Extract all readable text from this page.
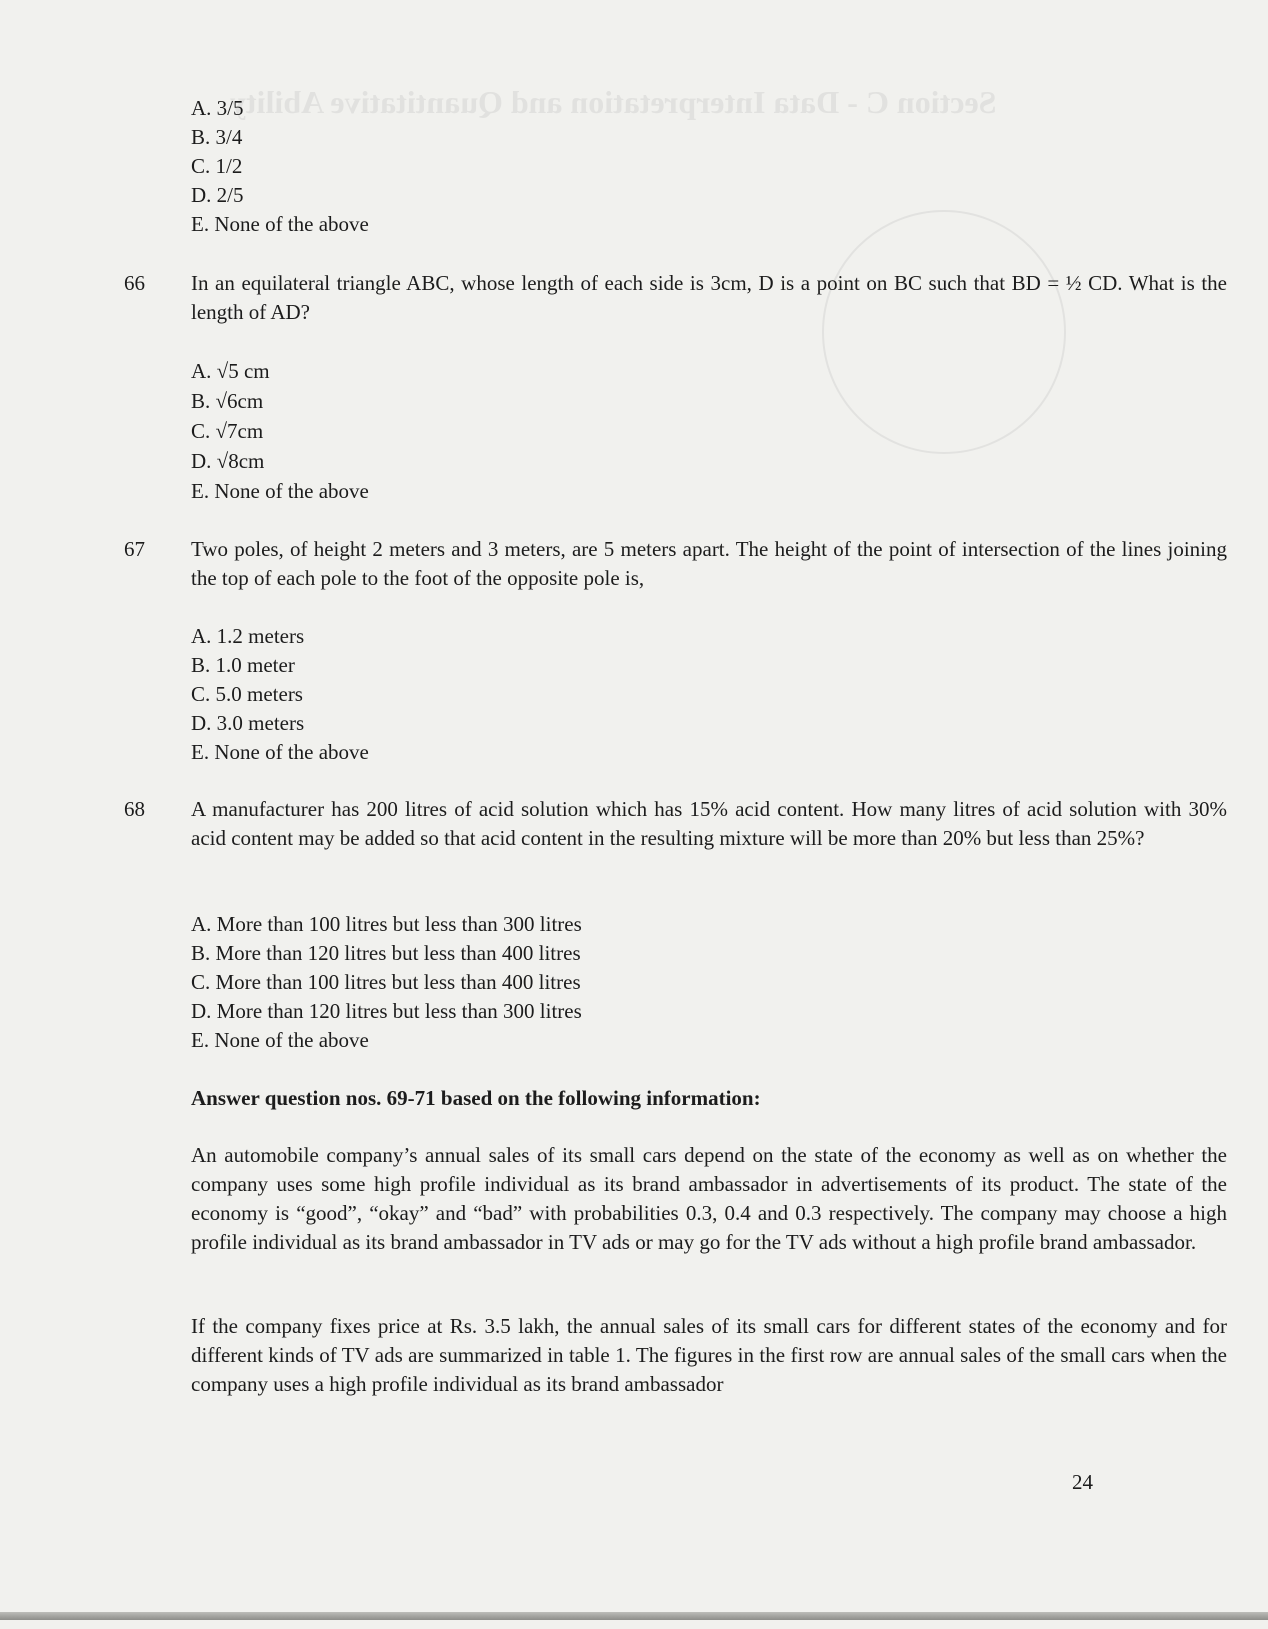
Section C - Data Interpretation and Quantitative Ability
A. 3/5
B. 3/4
C. 1/2
D. 2/5
E. None of the above
66 In an equilateral triangle ABC, whose length of each side is 3cm, D is a point on BC such that BD = ½ CD. What is the length of AD?
A. √5 cm
B. √6cm
C. √7cm
D. √8cm
E. None of the above
67 Two poles, of height 2 meters and 3 meters, are 5 meters apart. The height of the point of intersection of the lines joining the top of each pole to the foot of the opposite pole is,
A. 1.2 meters
B. 1.0 meter
C. 5.0 meters
D. 3.0 meters
E. None of the above
68 A manufacturer has 200 litres of acid solution which has 15% acid content. How many litres of acid solution with 30% acid content may be added so that acid content in the resulting mixture will be more than 20% but less than 25%?
A. More than 100 litres but less than 300 litres
B. More than 120 litres but less than 400 litres
C. More than 100 litres but less than 400 litres
D. More than 120 litres but less than 300 litres
E. None of the above
Answer question nos. 69-71 based on the following information:
An automobile company’s annual sales of its small cars depend on the state of the economy as well as on whether the company uses some high profile individual as its brand ambassador in advertisements of its product. The state of the economy is “good”, “okay” and “bad” with probabilities 0.3, 0.4 and 0.3 respectively. The company may choose a high profile individual as its brand ambassador in TV ads or may go for the TV ads without a high profile brand ambassador.
If the company fixes price at Rs. 3.5 lakh, the annual sales of its small cars for different states of the economy and for different kinds of TV ads are summarized in table 1. The figures in the first row are annual sales of the small cars when the company uses a high profile individual as its brand ambassador
24
